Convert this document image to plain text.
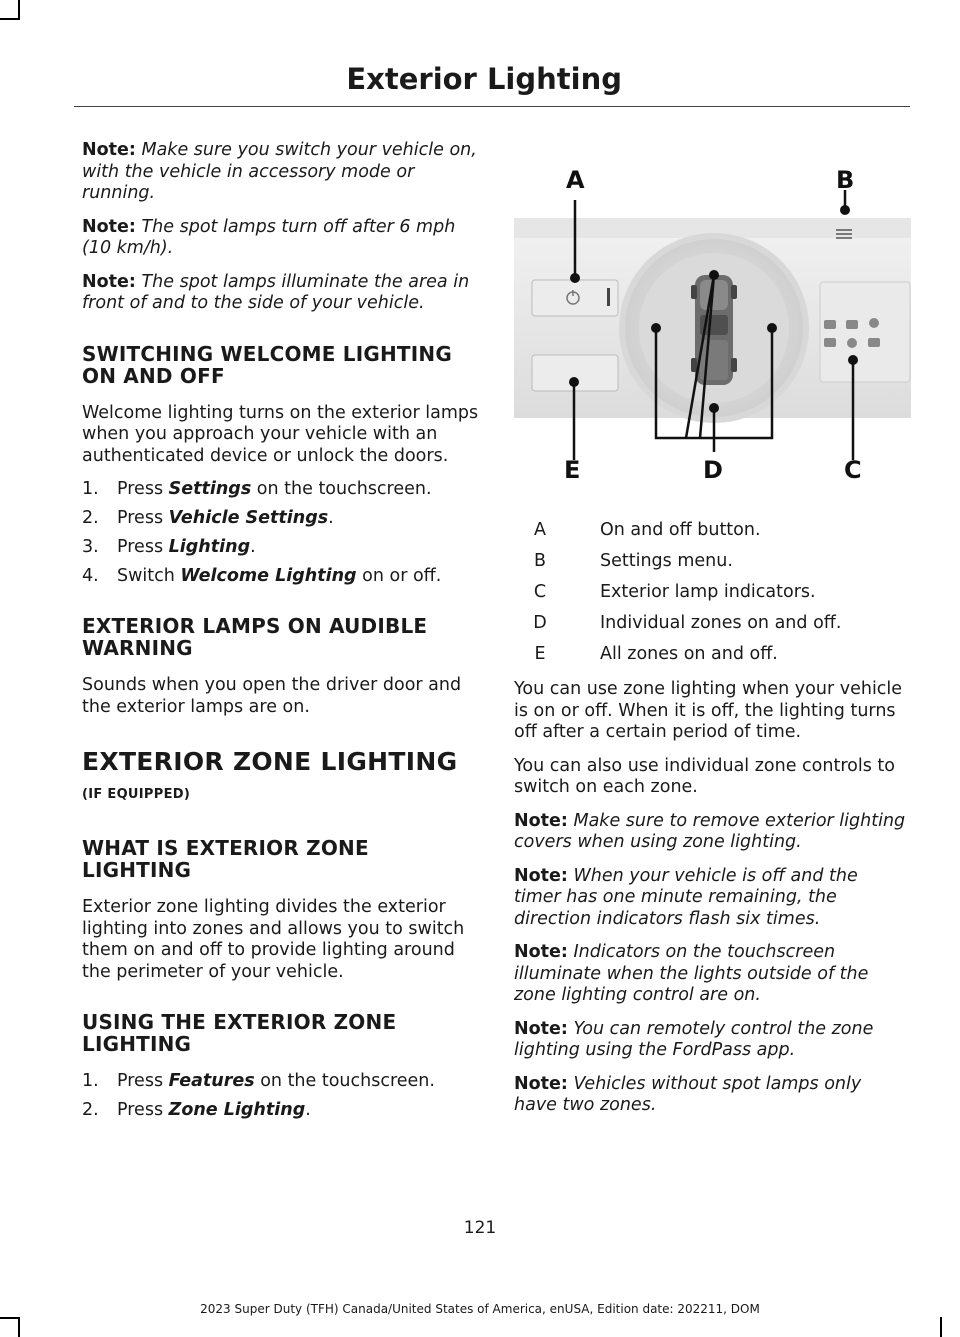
Exterior Lighting

Note: Make sure you switch your vehicle on, with the vehicle in accessory mode or running.

Note: The spot lamps turn off after 6 mph (10 km/h).

Note: The spot lamps illuminate the area in front of and to the side of your vehicle.

SWITCHING WELCOME LIGHTING ON AND OFF

Welcome lighting turns on the exterior lamps when you approach your vehicle with an authenticated device or unlock the doors.

1.	Press Settings on the touchscreen.
2.	Press Vehicle Settings.
3.	Press Lighting.
4.	Switch Welcome Lighting on or off.
EXTERIOR LAMPS ON AUDIBLE WARNING

Sounds when you open the driver door and the exterior lamps are on.

EXTERIOR ZONE LIGHTING (IF EQUIPPED)
WHAT IS EXTERIOR ZONE LIGHTING

Exterior zone lighting divides the exterior lighting into zones and allows you to switch them on and off to provide lighting around the perimeter of your vehicle.

USING THE EXTERIOR ZONE LIGHTING
1.	Press Features on the touchscreen.
2.	Press Zone Lighting.
A	B
C
D
E
A	On and off button.
B	Settings menu.
C	Exterior lamp indicators.
D	Individual zones on and off.
E	All zones on and off.

You can use zone lighting when your vehicle is on or off. When it is off, the lighting turns off after a certain period of time.

You can also use individual zone controls to switch on each zone.

Note: Make sure to remove exterior lighting covers when using zone lighting.

Note: When your vehicle is off and the timer has one minute remaining, the direction indicators flash six times.

Note: Indicators on the touchscreen illuminate when the lights outside of the zone lighting control are on.

Note: You can remotely control the zone lighting using the FordPass app.

Note: Vehicles without spot lamps only have two zones.

121
2023 Super Duty (TFH) Canada/United States of America, enUSA, Edition date: 202211, DOM
